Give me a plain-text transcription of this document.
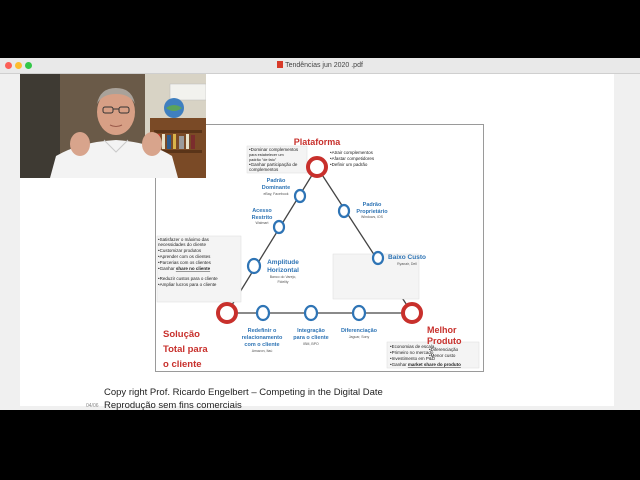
Tendências jun 2020 .pdf
Plataforma
Melhor
Produto
Solução
Total para
o cliente
Padrão
Dominante
eBay, Facebook
Acesso
Restrito
Walmart
Amplitude
Horizontal
Banco do Varejo,
Fidelity
Padrão
Proprietário
Windows, iOS
Baixo Custo
Ryanair, Dell
Redefinir o
relacionamento
com o cliente
Amazon, Itaú
Integração
para o cliente
IBM, BPO
Diferenciação
Jaguar, Sony
•Dominar complementos
para estabelecer um
padrão "de fato"
•Ganhar participação de
complementos
•Atrair complementos
•Afastar competidores
•Definir um padrão
•Satisfazer o máximo das
necessidades do cliente
•Customizar produtos
•Aprender com os clientes
•Parcerias com os clientes
•Ganhar share no cliente
•Reduzir custos para o cliente
•Ampliar lucros para o cliente
•Diferenciação
•Menor custo
•Economias de escala
•Primeiro no mercado
•Investimento em P&D
•Ganhar market share do produto
Copy right Prof. Ricardo Engelbert – Competing in the Digital Date
Reprodução sem fins comerciais
04/06
